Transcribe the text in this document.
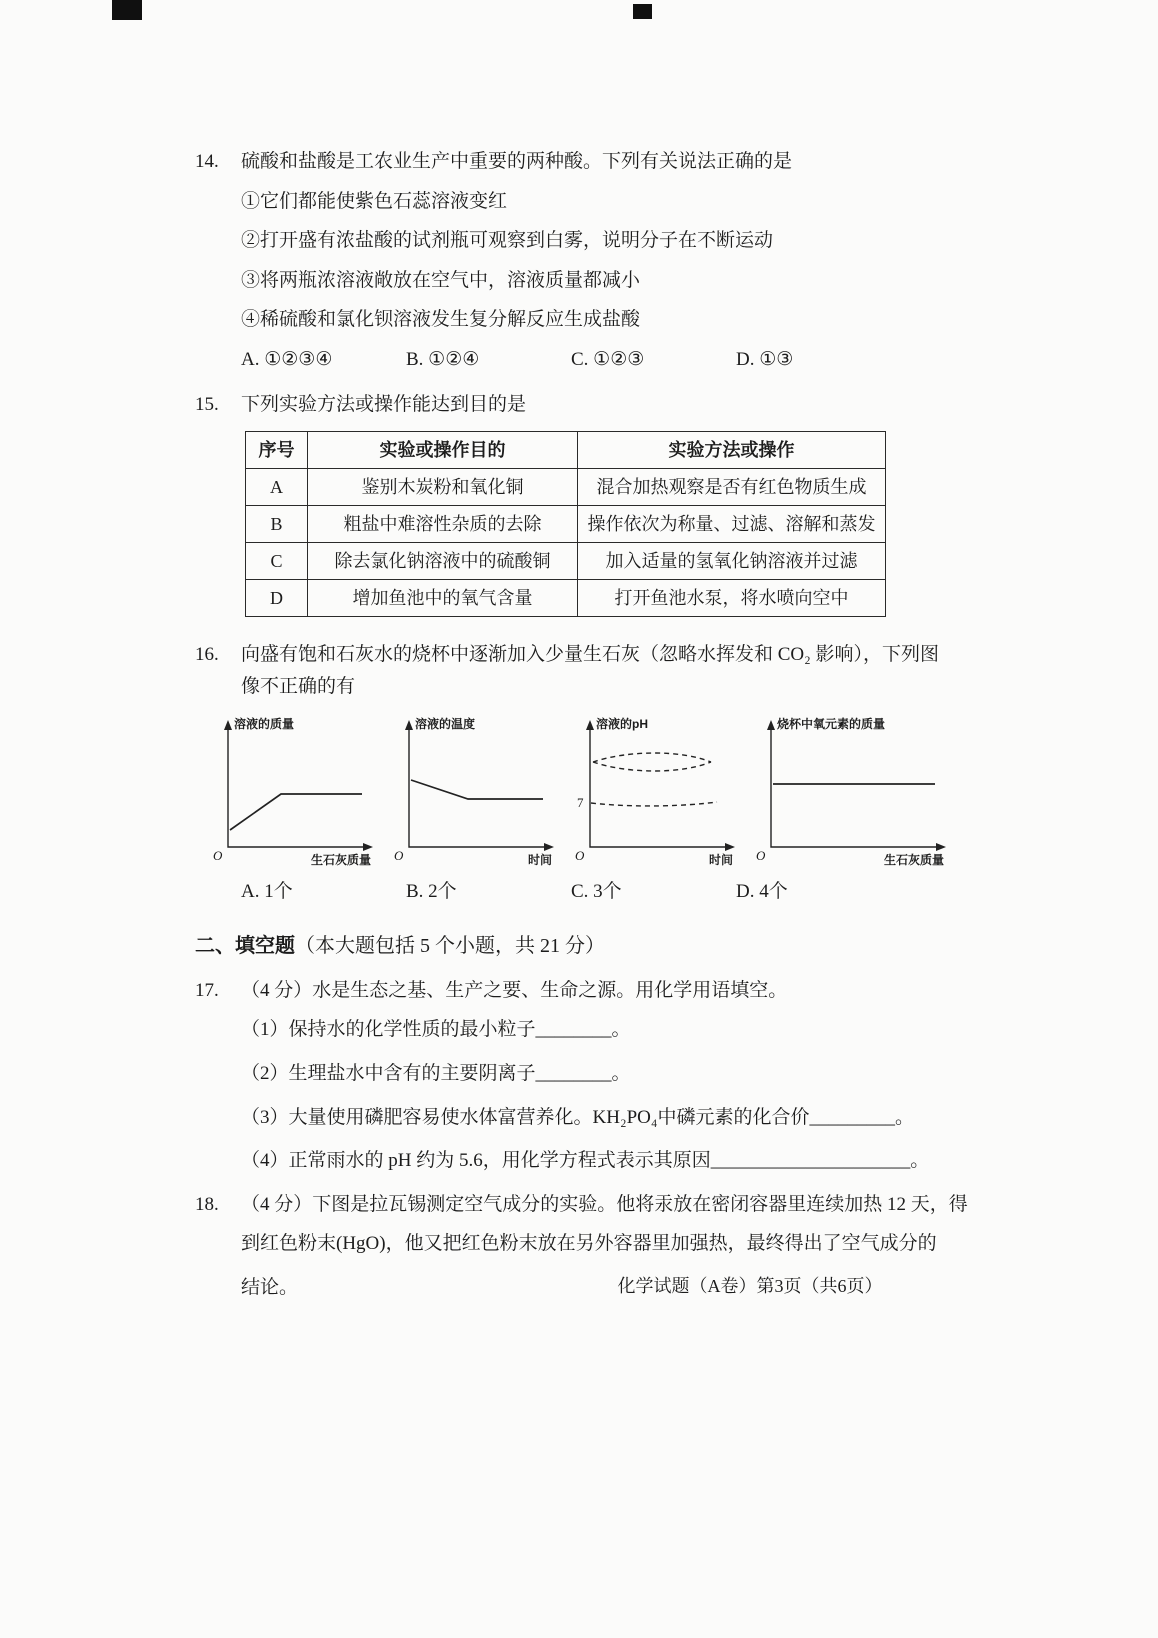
14.	硫酸和盐酸是工农业生产中重要的两种酸。下列有关说法正确的是
①它们都能使紫色石蕊溶液变红
②打开盛有浓盐酸的试剂瓶可观察到白雾，说明分子在不断运动
③将两瓶浓溶液敞放在空气中，溶液质量都减小
④稀硫酸和氯化钡溶液发生复分解反应生成盐酸
A. ①②③④	B. ①②④	C. ①②③	D. ①③
15.	下列实验方法或操作能达到目的是
序号	实验或操作目的	实验方法或操作
A	鉴别木炭粉和氧化铜	混合加热观察是否有红色物质生成
B	粗盐中难溶性杂质的去除	操作依次为称量、过滤、溶解和蒸发
C	除去氯化钠溶液中的硫酸铜	加入适量的氢氧化钠溶液并过滤
D	增加鱼池中的氧气含量	打开鱼池水泵，将水喷向空中
16.	向盛有饱和石灰水的烧杯中逐渐加入少量生石灰（忽略水挥发和 CO₂ 影响），下列图
像不正确的有
溶液的质量
O	生石灰质量
溶液的温度
O	时间
溶液的pH
7
O	时间
烧杯中氧元素的质量
O	生石灰质量
A. 1个	B. 2个	C. 3个	D. 4个
二、填空题（本大题包括 5 个小题，共 21 分）
17.	（4 分）水是生态之基、生产之要、生命之源。用化学用语填空。
（1）保持水的化学性质的最小粒子________。
（2）生理盐水中含有的主要阴离子________。
（3）大量使用磷肥容易使水体富营养化。KH₂PO₄中磷元素的化合价_________。
（4）正常雨水的 pH 约为 5.6，用化学方程式表示其原因_____________________。
18.	（4 分）下图是拉瓦锡测定空气成分的实验。他将汞放在密闭容器里连续加热 12 天，得
到红色粉末(HgO)，他又把红色粉末放在另外容器里加强热，最终得出了空气成分的
结论。	化学试题（A卷）第3页（共6页）
